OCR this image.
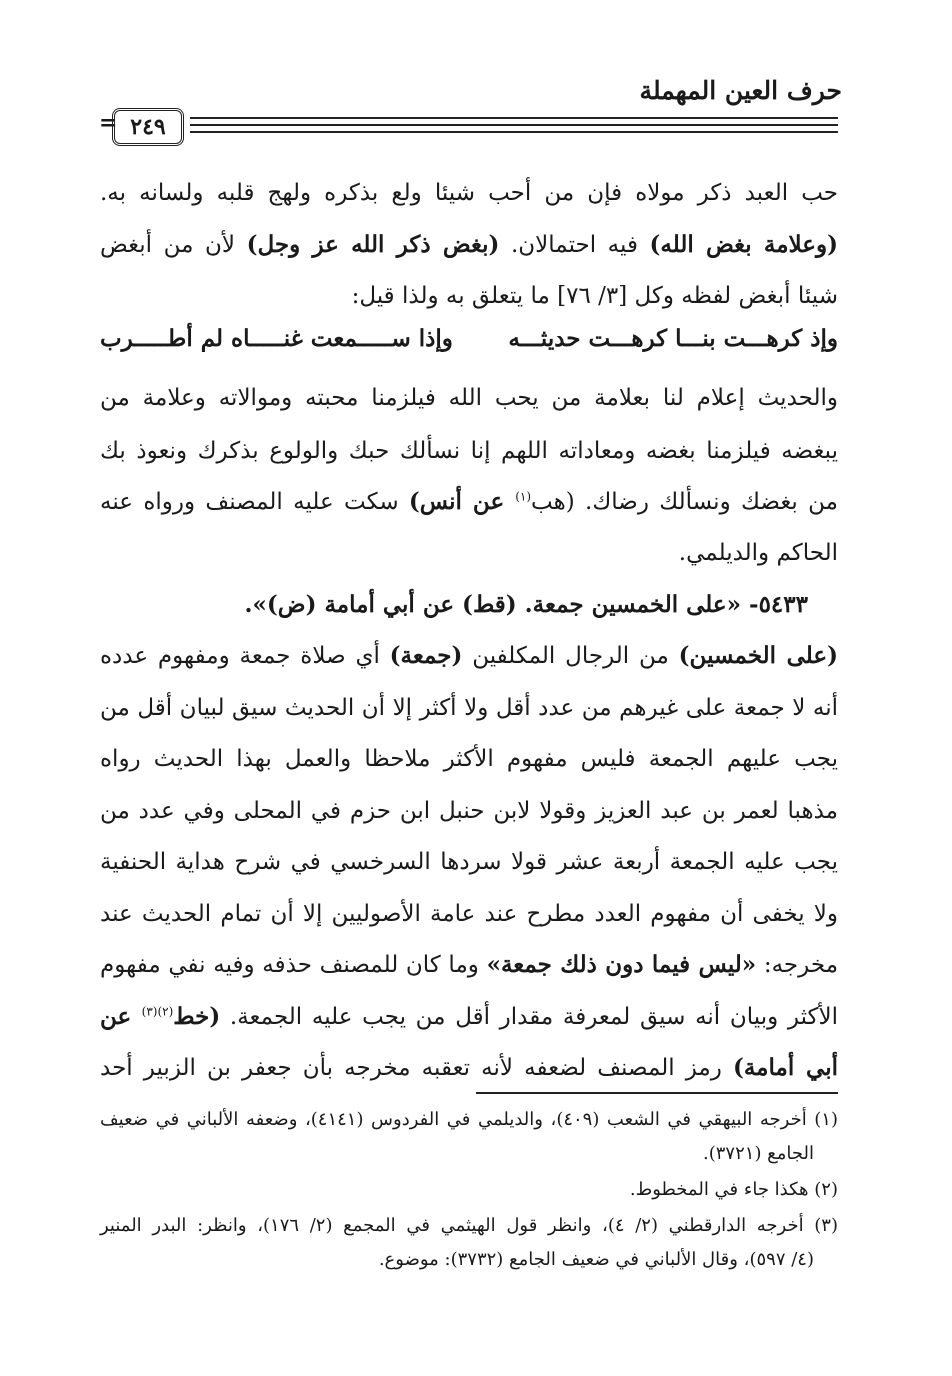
حرف العين المهملة
= ٢٤٩
حب العبد ذكر مولاه فإن من أحب شيئا ولع بذكره ولهج قلبه ولسانه به.
(وعلامة بغض الله) فيه احتمالان. (بغض ذكر الله عز وجل) لأن من أبغض
شيئا أبغض لفظه وكل [٣/ ٧٦] ما يتعلق به ولذا قيل:
وإذ كرهـــت بنـــا كرهـــت حديثـــه
وإذا ســـــمعت غنـــــاه لم أطـــــرب
والحديث إعلام لنا بعلامة من يحب الله فيلزمنا محبته وموالاته وعلامة من
يبغضه فيلزمنا بغضه ومعاداته اللهم إنا نسألك حبك والولوع بذكرك ونعوذ بك
من بغضك ونسألك رضاك. (هب$^{(١)}$ عن أنس) سكت عليه المصنف ورواه عنه
الحاكم والديلمي.
٥٤٣٣- «على الخمسين جمعة. (قط) عن أبي أمامة (ض)».
(على الخمسين) من الرجال المكلفين (جمعة) أي صلاة جمعة ومفهوم عدده
أنه لا جمعة على غيرهم من عدد أقل ولا أكثر إلا أن الحديث سيق لبيان أقل من
يجب عليهم الجمعة فليس مفهوم الأكثر ملاحظا والعمل بهذا الحديث رواه
مذهبا لعمر بن عبد العزيز وقولا لابن حنبل ابن حزم في المحلى وفي عدد من
يجب عليه الجمعة أربعة عشر قولا سردها السرخسي في شرح هداية الحنفية
ولا يخفى أن مفهوم العدد مطرح عند عامة الأصوليين إلا أن تمام الحديث عند
مخرجه: «ليس فيما دون ذلك جمعة» وما كان للمصنف حذفه وفيه نفي مفهوم
الأكثر وبيان أنه سيق لمعرفة مقدار أقل من يجب عليه الجمعة. (خط$^{(٢)(٣)}$ عن
أبي أمامة) رمز المصنف لضعفه لأنه تعقبه مخرجه بأن جعفر بن الزبير أحد
(١) أخرجه البيهقي في الشعب (٤٠٩)، والديلمي في الفردوس (٤١٤١)، وضعفه الألباني في ضعيف
الجامع (٣٧٢١).
(٢) هكذا جاء في المخطوط.
(٣) أخرجه الدارقطني (٢/ ٤)، وانظر قول الهيثمي في المجمع (٢/ ١٧٦)، وانظر: البدر المنير
(٤/ ٥٩٧)، وقال الألباني في ضعيف الجامع (٣٧٣٢): موضوع.
